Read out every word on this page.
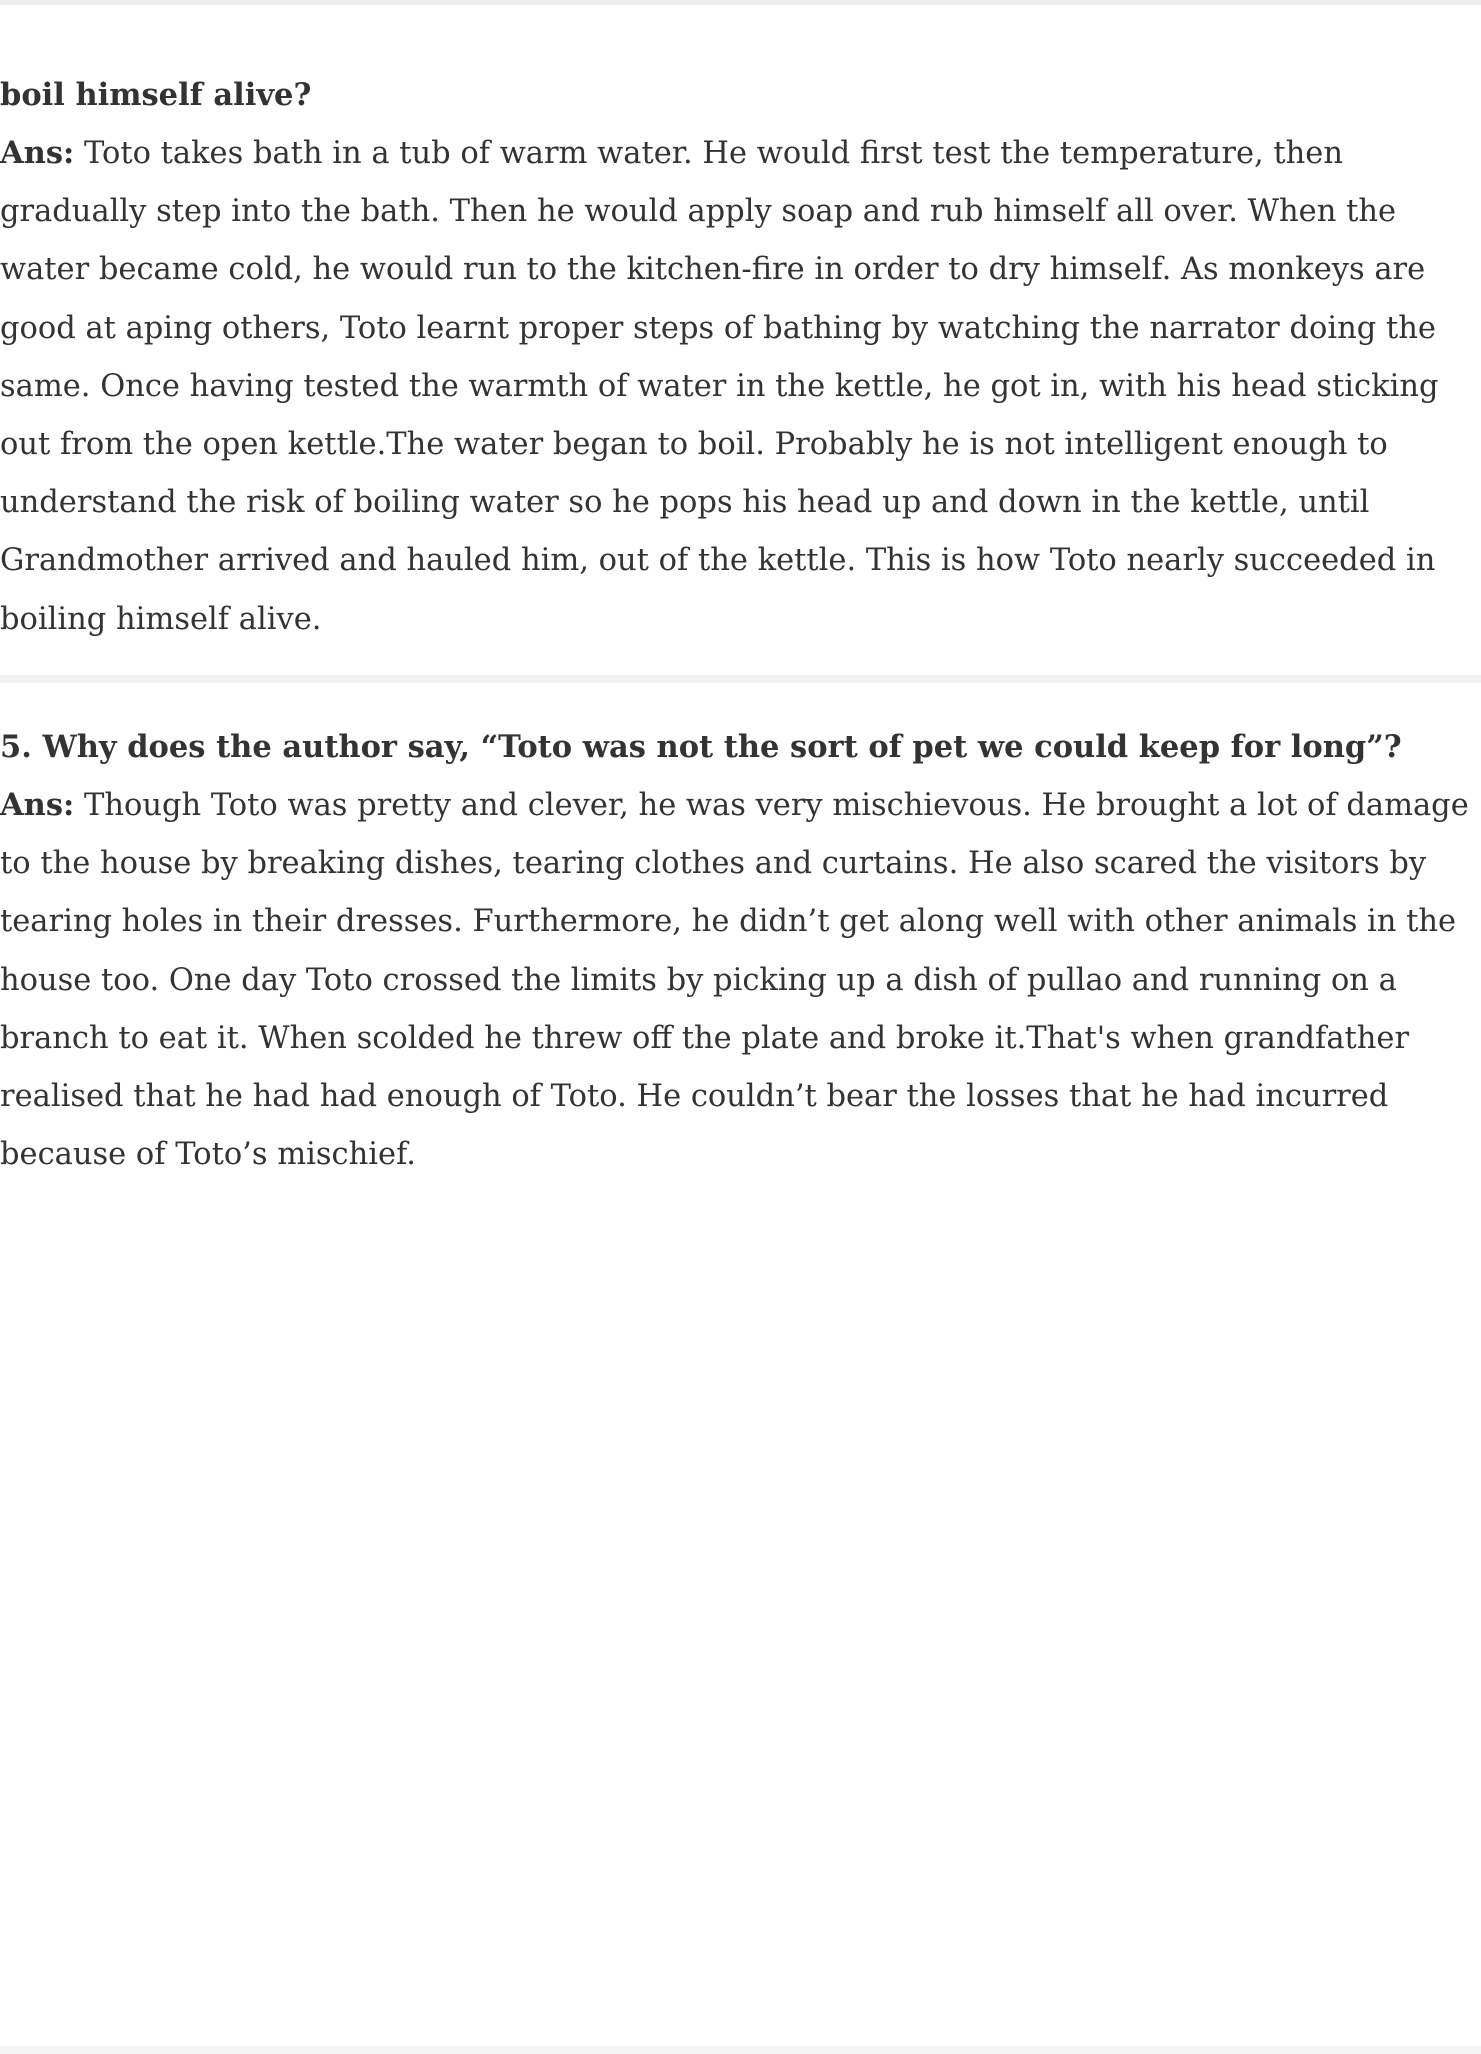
boil himself alive?

Ans: Toto takes bath in a tub of warm water. He would first test the temperature, then gradually step into the bath. Then he would apply soap and rub himself all over. When the water became cold, he would run to the kitchen-fire in order to dry himself. As monkeys are good at aping others, Toto learnt proper steps of bathing by watching the narrator doing the same. Once having tested the warmth of water in the kettle, he got in, with his head sticking out from the open kettle.The water began to boil. Probably he is not intelligent enough to understand the risk of boiling water so he pops his head up and down in the kettle, until Grandmother arrived and hauled him, out of the kettle. This is how Toto nearly succeeded in boiling himself alive.

5. Why does the author say, “Toto was not the sort of pet we could keep for long”?

Ans: Though Toto was pretty and clever, he was very mischievous. He brought a lot of damage to the house by breaking dishes, tearing clothes and curtains. He also scared the visitors by tearing holes in their dresses. Furthermore, he didn’t get along well with other animals in the house too. One day Toto crossed the limits by picking up a dish of pullao and running on a branch to eat it. When scolded he threw off the plate and broke it.That's when grandfather realised that he had had enough of Toto. He couldn’t bear the losses that he had incurred because of Toto’s mischief.
